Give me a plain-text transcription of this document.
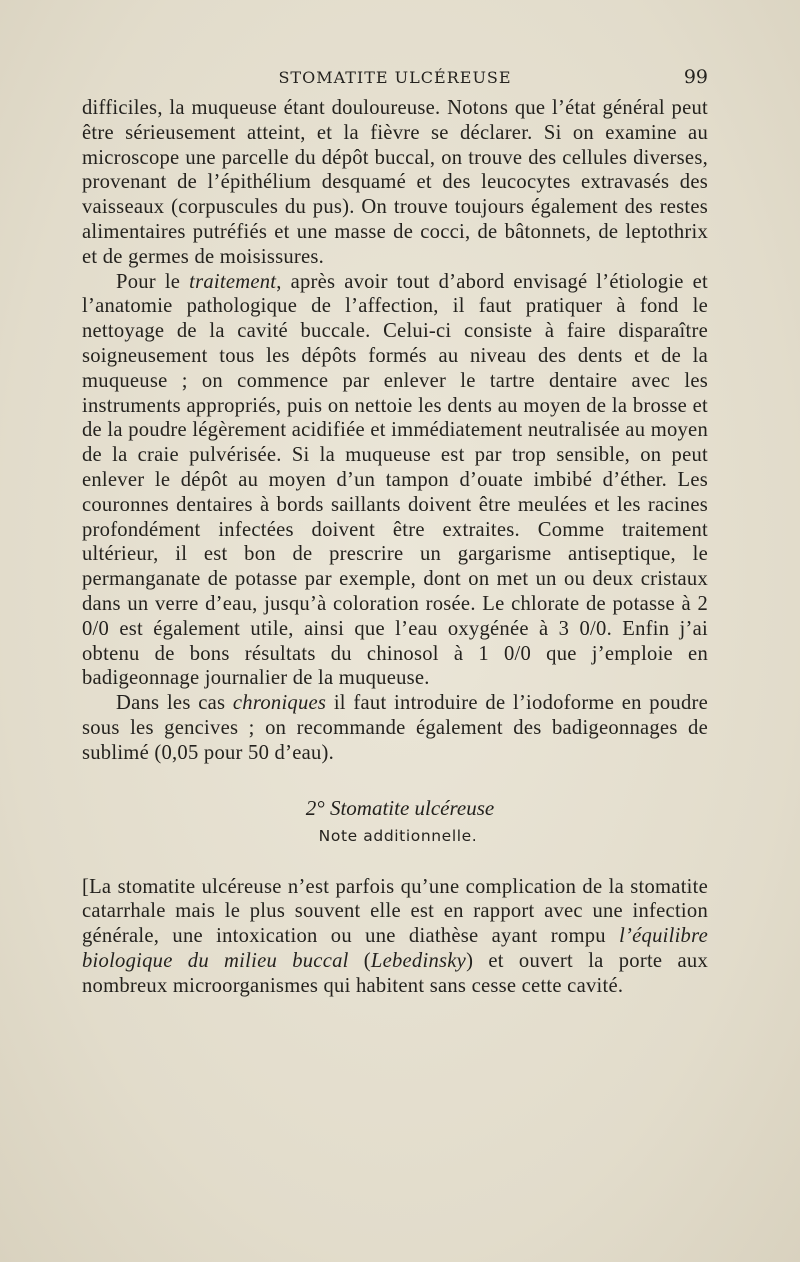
STOMATITE ULCÉREUSE	99

difficiles, la muqueuse étant douloureuse. Notons que l’état général peut être sérieusement atteint, et la fièvre se déclarer. Si on examine au microscope une parcelle du dépôt buccal, on trouve des cellules diverses, provenant de l’épithélium desquamé et des leucocytes extravasés des vaisseaux (corpuscules du pus). On trouve toujours également des restes alimentaires putréfiés et une masse de cocci, de bâtonnets, de leptothrix et de germes de moisissures.

Pour le traitement, après avoir tout d’abord envisagé l’étiologie et l’anatomie pathologique de l’affection, il faut pratiquer à fond le nettoyage de la cavité buccale. Celui-ci consiste à faire disparaître soigneusement tous les dépôts formés au niveau des dents et de la muqueuse ; on commence par enlever le tartre dentaire avec les instruments appropriés, puis on nettoie les dents au moyen de la brosse et de la poudre légèrement acidifiée et immédiatement neutralisée au moyen de la craie pulvérisée. Si la muqueuse est par trop sensible, on peut enlever le dépôt au moyen d’un tampon d’ouate imbibé d’éther. Les couronnes dentaires à bords saillants doivent être meulées et les racines profondément infectées doivent être extraites. Comme traitement ultérieur, il est bon de prescrire un gargarisme antiseptique, le permanganate de potasse par exemple, dont on met un ou deux cristaux dans un verre d’eau, jusqu’à coloration rosée. Le chlorate de potasse à 2 0/0 est également utile, ainsi que l’eau oxygénée à 3 0/0. Enfin j’ai obtenu de bons résultats du chinosol à 1 0/0 que j’emploie en badigeonnage journalier de la muqueuse.

Dans les cas chroniques il faut introduire de l’iodoforme en poudre sous les gencives ; on recommande également des badigeonnages de sublimé (0,05 pour 50 d’eau).

2° Stomatite ulcéreuse
Note additionnelle.

[La stomatite ulcéreuse n’est parfois qu’une complication de la stomatite catarrhale mais le plus souvent elle est en rapport avec une infection générale, une intoxication ou une diathèse ayant rompu l’équilibre biologique du milieu buccal (Lebedinsky) et ouvert la porte aux nombreux microorganismes qui habitent sans cesse cette cavité.
